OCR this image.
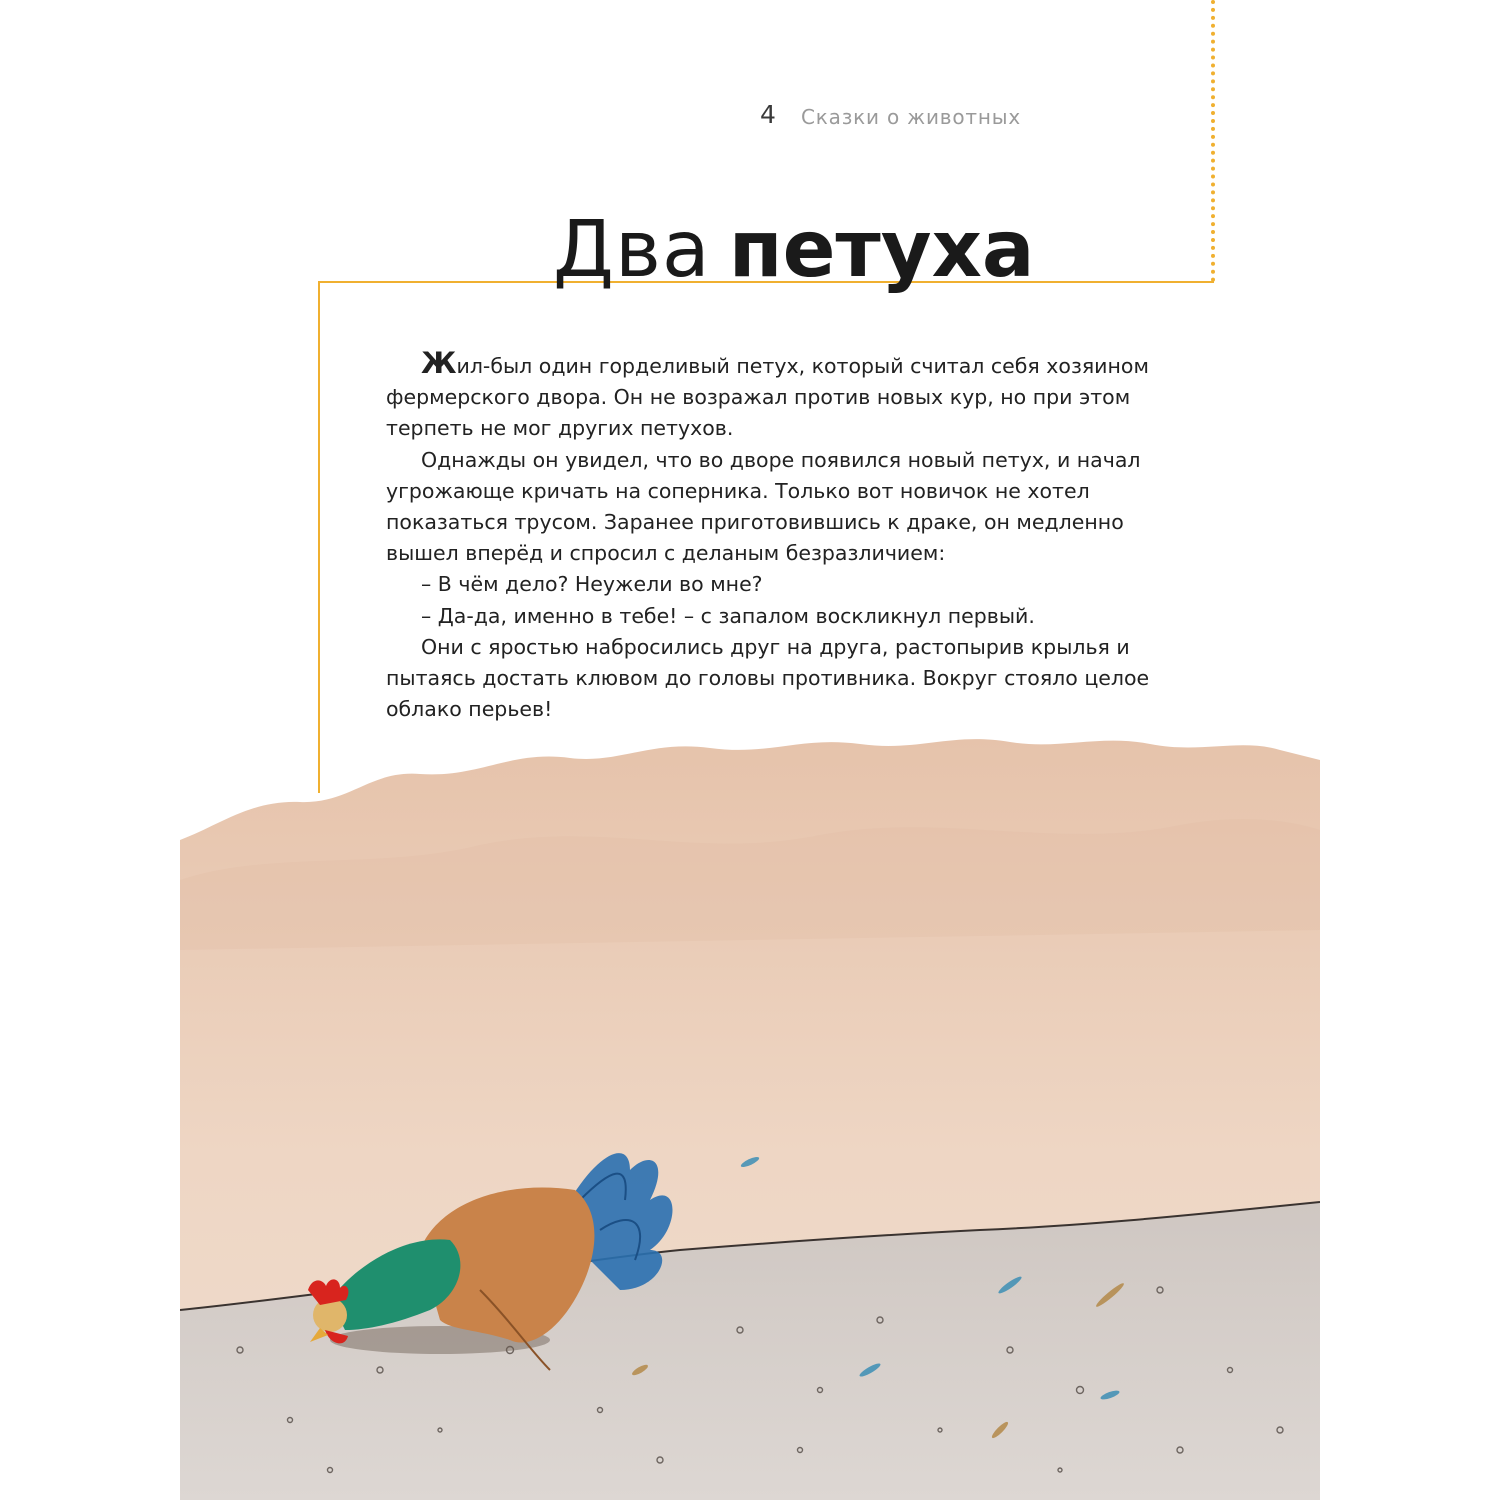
4 Сказки о животных
Два петуха

Жил-был один горделивый петух, который считал себя хозяином фермерского двора. Он не возражал против новых кур, но при этом терпеть не мог других петухов.

Однажды он увидел, что во дворе появился новый петух, и начал угрожающе кричать на соперника. Только вот новичок не хотел показаться трусом. Заранее приготовившись к драке, он медленно вышел вперёд и спросил с деланым безразличием:

– В чём дело? Неужели во мне?

– Да-да, именно в тебе! – с запалом воскликнул первый.

Они с яростью набросились друг на друга, растопырив крылья и пытаясь достать клювом до головы противника. Вокруг стояло целое облако перьев!
